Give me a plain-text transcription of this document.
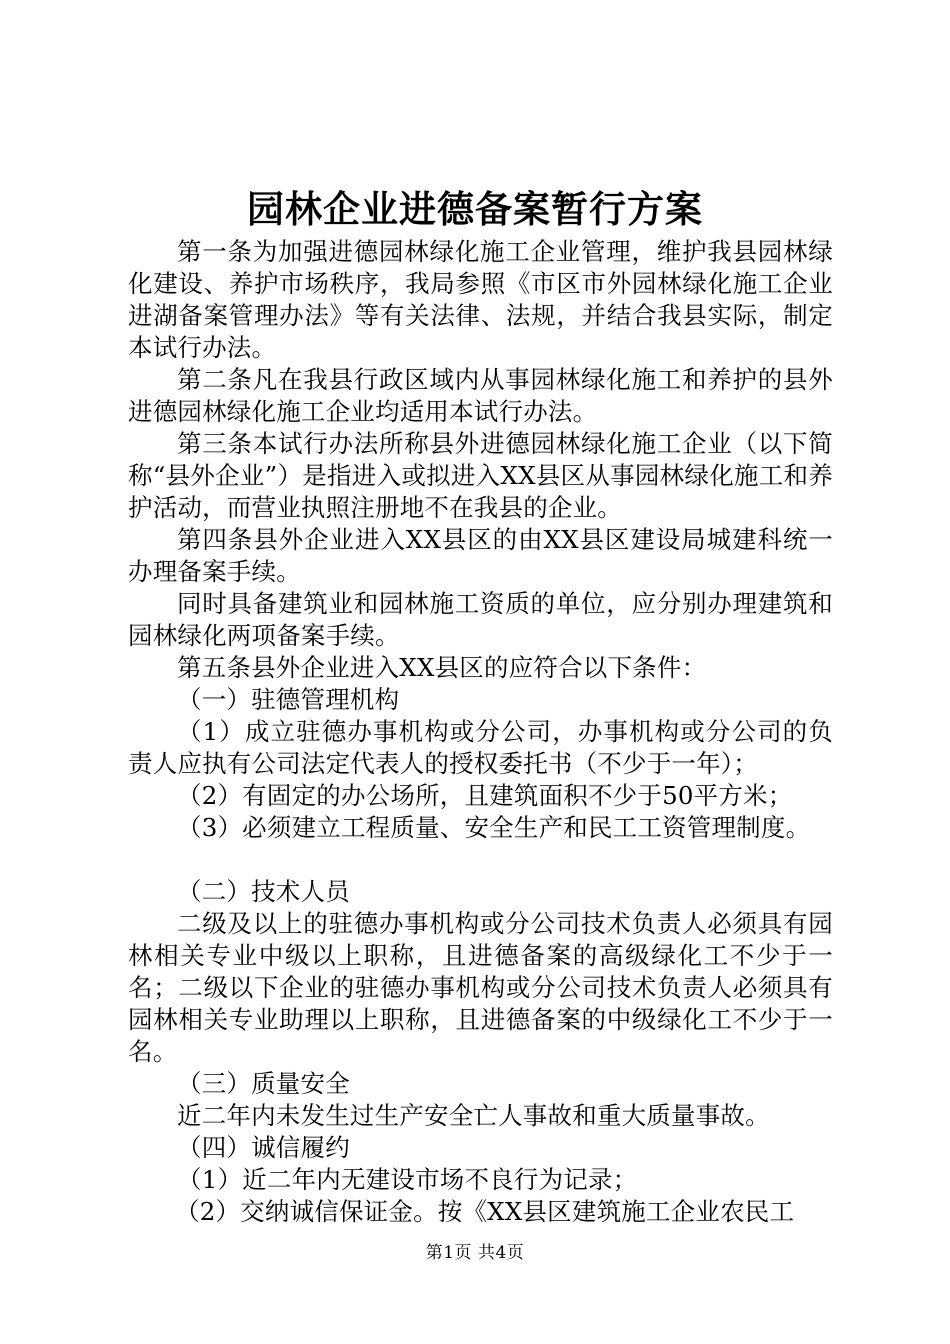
园林企业进德备案暂行方案

第一条为加强进德园林绿化施工企业管理，维护我县园林绿化建设、养护市场秩序，我局参照《市区市外园林绿化施工企业进湖备案管理办法》等有关法律、法规，并结合我县实际，制定本试行办法。

第二条凡在我县行政区域内从事园林绿化施工和养护的县外进德园林绿化施工企业均适用本试行办法。

第三条本试行办法所称县外进德园林绿化施工企业（以下简称“县外企业”）是指进入或拟进入XX县区从事园林绿化施工和养护活动，而营业执照注册地不在我县的企业。

第四条县外企业进入XX县区的由XX县区建设局城建科统一办理备案手续。

同时具备建筑业和园林施工资质的单位，应分别办理建筑和园林绿化两项备案手续。

第五条县外企业进入XX县区的应符合以下条件：

（一）驻德管理机构

（1）成立驻德办事机构或分公司，办事机构或分公司的负责人应执有公司法定代表人的授权委托书（不少于一年）；

（2）有固定的办公场所，且建筑面积不少于50平方米；

（3）必须建立工程质量、安全生产和民工工资管理制度。

（二）技术人员

二级及以上的驻德办事机构或分公司技术负责人必须具有园林相关专业中级以上职称，且进德备案的高级绿化工不少于一名；二级以下企业的驻德办事机构或分公司技术负责人必须具有园林相关专业助理以上职称，且进德备案的中级绿化工不少于一名。

（三）质量安全

近二年内未发生过生产安全亡人事故和重大质量事故。

（四）诚信履约

（1）近二年内无建设市场不良行为记录；

（2）交纳诚信保证金。按《XX县区建筑施工企业农民工

第1页 共4页
